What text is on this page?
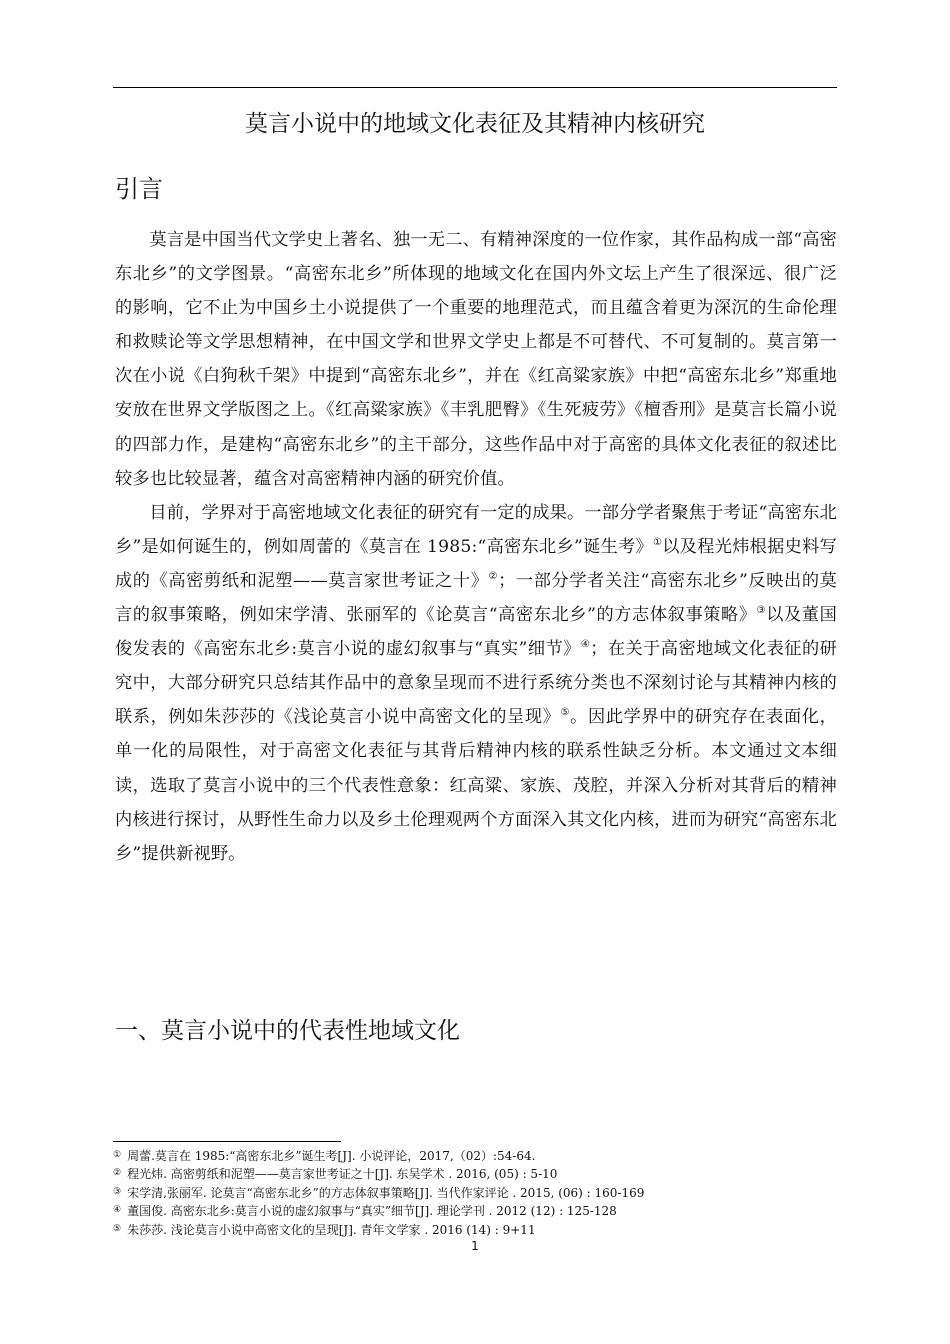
莫言小说中的地域文化表征及其精神内核研究
引言

莫言是中国当代文学史上著名、独一无二、有精神深度的一位作家，其作品构成一部“高密东北乡”的文学图景。“高密东北乡”所体现的地域文化在国内外文坛上产生了很深远、很广泛的影响，它不止为中国乡土小说提供了一个重要的地理范式，而且蕴含着更为深沉的生命伦理和救赎论等文学思想精神，在中国文学和世界文学史上都是不可替代、不可复制的。莫言第一次在小说《白狗秋千架》中提到“高密东北乡”，并在《红高粱家族》中把“高密东北乡”郑重地安放在世界文学版图之上。《红高粱家族》《丰乳肥臀》《生死疲劳》《檀香刑》是莫言长篇小说的四部力作，是建构“高密东北乡”的主干部分，这些作品中对于高密的具体文化表征的叙述比较多也比较显著，蕴含对高密精神内涵的研究价值。

目前，学界对于高密地域文化表征的研究有一定的成果。一部分学者聚焦于考证“高密东北乡”是如何诞生的，例如周蕾的《莫言在 1985:“高密东北乡”诞生考》①以及程光炜根据史料写成的《高密剪纸和泥塑——莫言家世考证之十》②；一部分学者关注“高密东北乡”反映出的莫言的叙事策略，例如宋学清、张丽军的《论莫言“高密东北乡”的方志体叙事策略》③以及董国俊发表的《高密东北乡:莫言小说的虚幻叙事与“真实”细节》④；在关于高密地域文化表征的研究中，大部分研究只总结其作品中的意象呈现而不进行系统分类也不深刻讨论与其精神内核的联系，例如朱莎莎的《浅论莫言小说中高密文化的呈现》⑤。因此学界中的研究存在表面化，单一化的局限性，对于高密文化表征与其背后精神内核的联系性缺乏分析。本文通过文本细读，选取了莫言小说中的三个代表性意象：红高粱、家族、茂腔，并深入分析对其背后的精神内核进行探讨，从野性生命力以及乡土伦理观两个方面深入其文化内核，进而为研究“高密东北乡”提供新视野。

一、莫言小说中的代表性地域文化
① 周蕾.莫言在 1985:“高密东北乡”诞生考[J]. 小说评论，2017,（02）:54-64.
② 程光炜. 高密剪纸和泥塑——莫言家世考证之十[J]. 东吴学术 . 2016, (05) : 5-10
③ 宋学清,张丽军. 论莫言“高密东北乡”的方志体叙事策略[J]. 当代作家评论 . 2015, (06) : 160-169
④ 董国俊. 高密东北乡:莫言小说的虚幻叙事与“真实”细节[J]. 理论学刊 . 2012 (12) : 125-128
⑤ 朱莎莎. 浅论莫言小说中高密文化的呈现[J]. 青年文学家 . 2016 (14) : 9+11
1
